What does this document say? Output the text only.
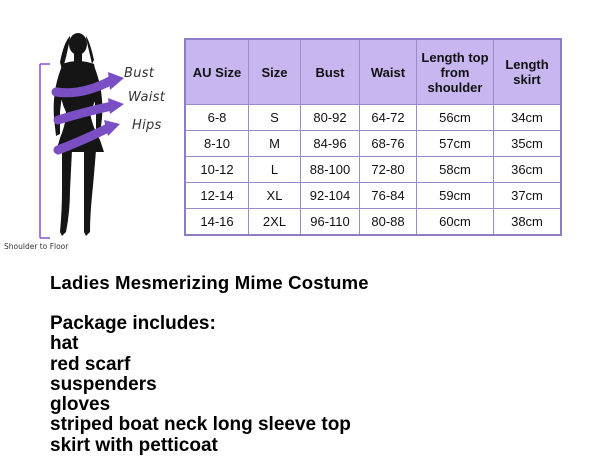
Bust
Waist
Hips
Shoulder to Floor
AU Size	Size	Bust	Waist	Length top from shoulder	Length skirt
6-8	S	80-92	64-72	56cm	34cm
8-10	M	84-96	68-76	57cm	35cm
10-12	L	88-100	72-80	58cm	36cm
12-14	XL	92-104	76-84	59cm	37cm
14-16	2XL	96-110	80-88	60cm	38cm
Ladies Mesmerizing Mime Costume
Package includes:
hat
red scarf
suspenders
gloves
striped boat neck long sleeve top
skirt with petticoat
